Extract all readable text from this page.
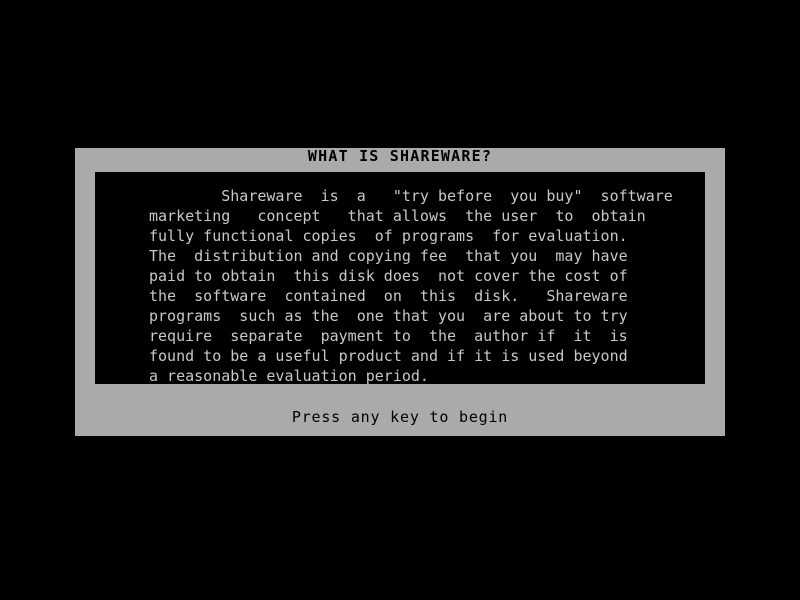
WHAT IS SHAREWARE?
Shareware  is  a   "try before  you buy"  software
marketing   concept   that allows  the user  to  obtain
fully functional copies  of programs  for evaluation.
The  distribution and copying fee  that you  may have
paid to obtain  this disk does  not cover the cost of
the  software  contained  on  this  disk.   Shareware
programs  such as the  one that you  are about to try
require  separate  payment to  the  author if  it  is
found to be a useful product and if it is used beyond
a reasonable evaluation period.
Press any key to begin
